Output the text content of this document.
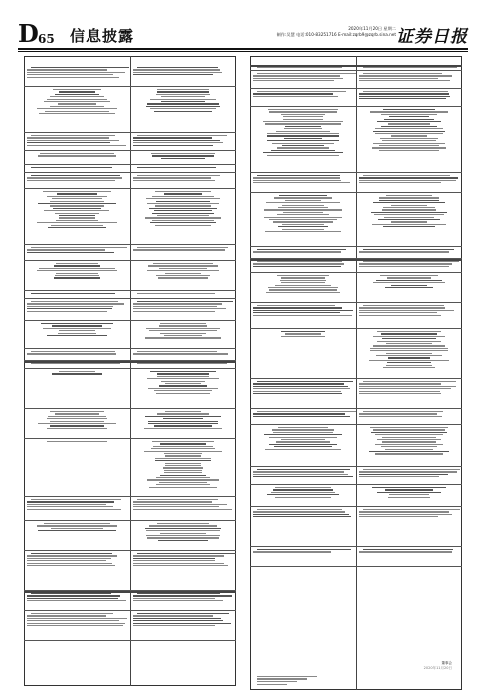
D 65 信息披露	2020年11月20日 星期二
制作:吴慧 电话:010-83251716 E-mail:zqrb9@zqrb.sina.net 证券日报
董事会
2020年11月20日
